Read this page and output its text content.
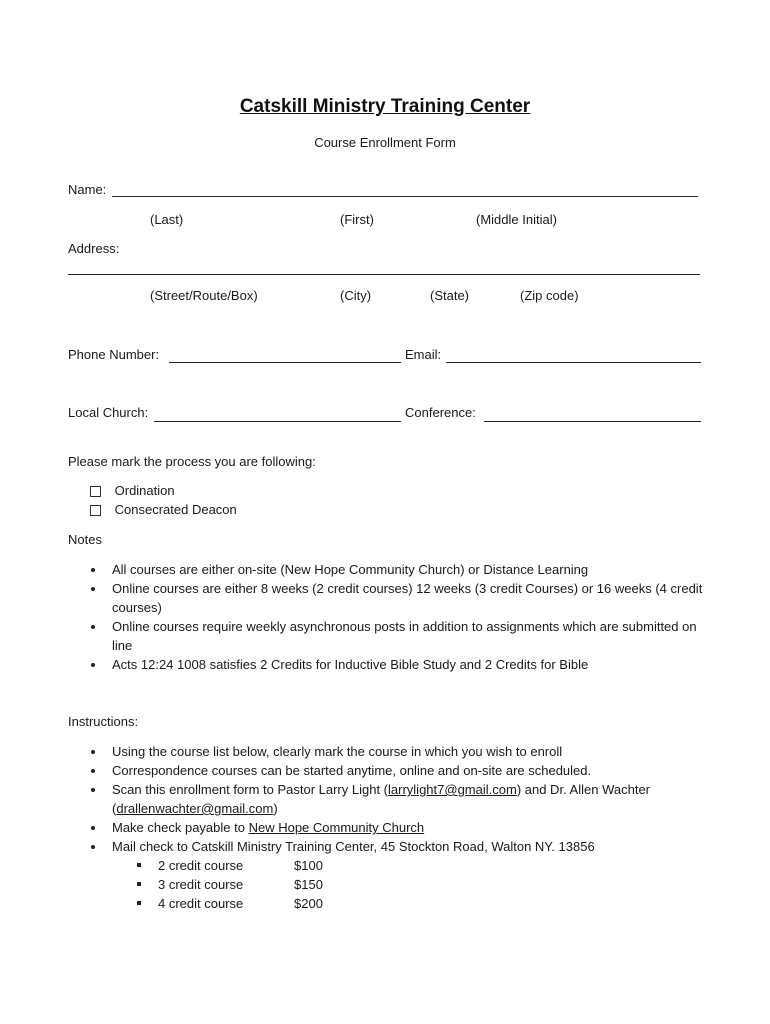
Catskill Ministry Training Center
Course Enrollment Form
Name:
(Last)	(First)	(Middle Initial)
Address:
(Street/Route/Box)	(City)	(State)	(Zip code)
Phone Number:	Email:
Local Church:	Conference:
Please mark the process you are following:
Ordination
Consecrated Deacon
Notes
All courses are either on-site (New Hope Community Church) or Distance Learning
Online courses are either 8 weeks (2 credit courses) 12 weeks (3 credit Courses) or 16 weeks (4 credit courses)
Online courses require weekly asynchronous posts in addition to assignments which are submitted on line
Acts 12:24 1008 satisfies 2 Credits for Inductive Bible Study and 2 Credits for Bible
Instructions:
Using the course list below, clearly mark the course in which you wish to enroll
Correspondence courses can be started anytime, online and on-site are scheduled.
Scan this enrollment form to Pastor Larry Light (larrylight7@gmail.com) and Dr. Allen Wachter (drallenwachter@gmail.com)
Make check payable to New Hope Community Church
Mail check to Catskill Ministry Training Center, 45 Stockton Road, Walton NY. 13856
2 credit course	$100
3 credit course	$150
4 credit course	$200
